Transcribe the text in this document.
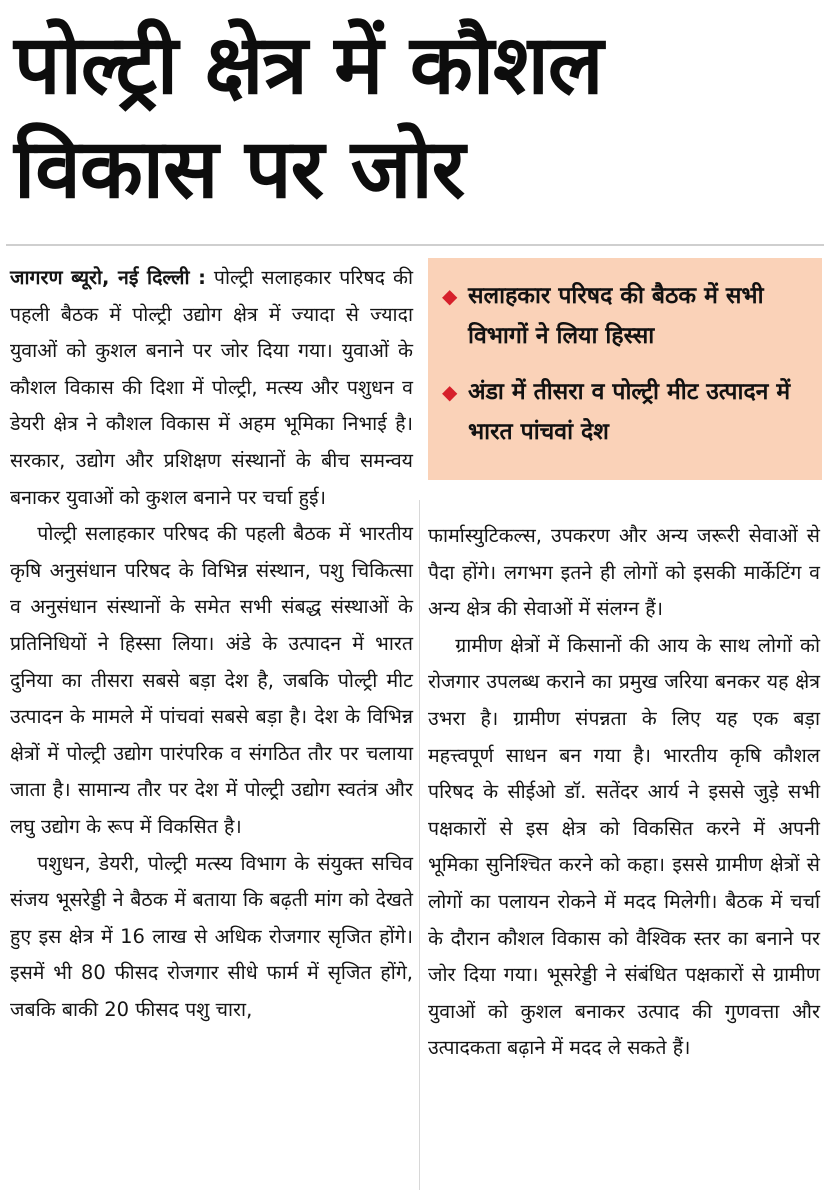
पोल्ट्री क्षेत्र में कौशल विकास पर जोर

जागरण ब्यूरो, नई दिल्ली : पोल्ट्री सलाहकार परिषद की पहली बैठक में पोल्ट्री उद्योग क्षेत्र में ज्यादा से ज्यादा युवाओं को कुशल बनाने पर जोर दिया गया। युवाओं के कौशल विकास की दिशा में पोल्ट्री, मत्स्य और पशुधन व डेयरी क्षेत्र ने कौशल विकास में अहम भूमिका निभाई है। सरकार, उद्योग और प्रशिक्षण संस्थानों के बीच समन्वय बनाकर युवाओं को कुशल बनाने पर चर्चा हुई।

पोल्ट्री सलाहकार परिषद की पहली बैठक में भारतीय कृषि अनुसंधान परिषद के विभिन्न संस्थान, पशु चिकित्सा व अनुसंधान संस्थानों के समेत सभी संबद्ध संस्थाओं के प्रतिनिधियों ने हिस्सा लिया। अंडे के उत्पादन में भारत दुनिया का तीसरा सबसे बड़ा देश है, जबकि पोल्ट्री मीट उत्पादन के मामले में पांचवां सबसे बड़ा है। देश के विभिन्न क्षेत्रों में पोल्ट्री उद्योग पारंपरिक व संगठित तौर पर चलाया जाता है। सामान्य तौर पर देश में पोल्ट्री उद्योग स्वतंत्र और लघु उद्योग के रूप में विकसित है।

पशुधन, डेयरी, पोल्ट्री मत्स्य विभाग के संयुक्त सचिव संजय भूसरेड्डी ने बैठक में बताया कि बढ़ती मांग को देखते हुए इस क्षेत्र में 16 लाख से अधिक रोजगार सृजित होंगे। इसमें भी 80 फीसद रोजगार सीधे फार्म में सृजित होंगे, जबकि बाकी 20 फीसद पशु चारा,

◆ सलाहकार परिषद की बैठक में सभी विभागों ने लिया हिस्सा
◆ अंडा में तीसरा व पोल्ट्री मीट उत्पादन में भारत पांचवां देश

फार्मास्युटिकल्स, उपकरण और अन्य जरूरी सेवाओं से पैदा होंगे। लगभग इतने ही लोगों को इसकी मार्केटिंग व अन्य क्षेत्र की सेवाओं में संलग्न हैं।

ग्रामीण क्षेत्रों में किसानों की आय के साथ लोगों को रोजगार उपलब्ध कराने का प्रमुख जरिया बनकर यह क्षेत्र उभरा है। ग्रामीण संपन्नता के लिए यह एक बड़ा महत्त्वपूर्ण साधन बन गया है। भारतीय कृषि कौशल परिषद के सीईओ डॉ. सतेंदर आर्य ने इससे जुड़े सभी पक्षकारों से इस क्षेत्र को विकसित करने में अपनी भूमिका सुनिश्चित करने को कहा। इससे ग्रामीण क्षेत्रों से लोगों का पलायन रोकने में मदद मिलेगी। बैठक में चर्चा के दौरान कौशल विकास को वैश्विक स्तर का बनाने पर जोर दिया गया। भूसरेड्डी ने संबंधित पक्षकारों से ग्रामीण युवाओं को कुशल बनाकर उत्पाद की गुणवत्ता और उत्पादकता बढ़ाने में मदद ले सकते हैं।
